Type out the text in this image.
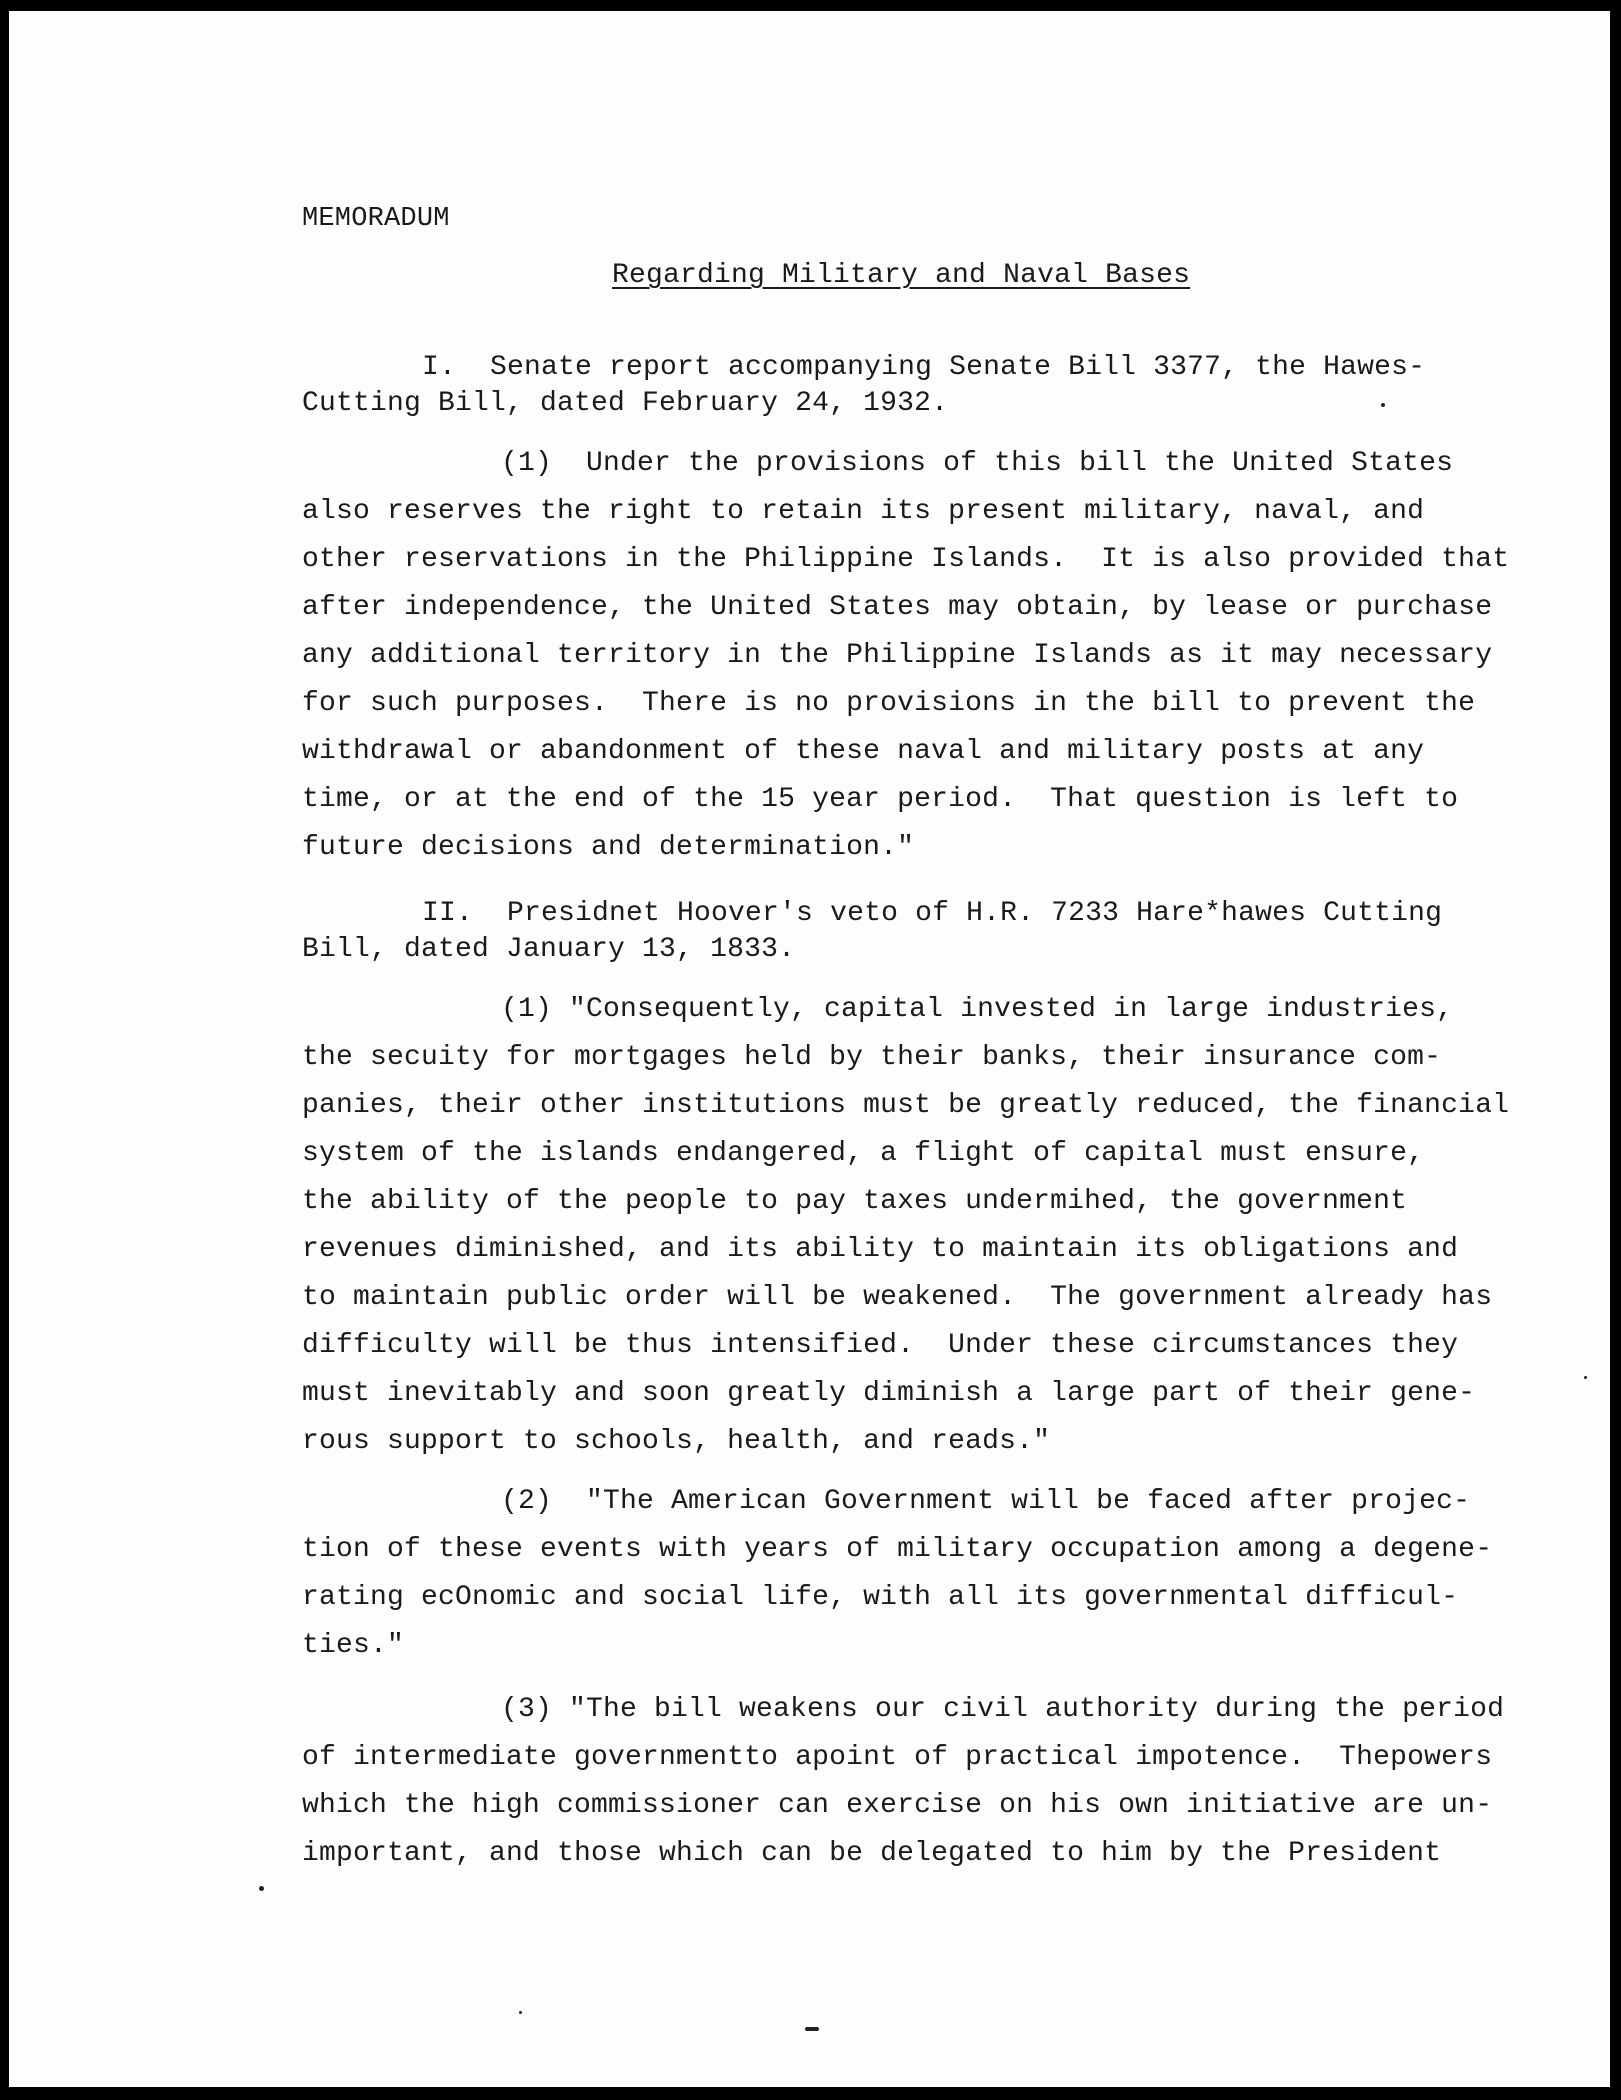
MEMORADUM
Regarding Military and Naval Bases
I.  Senate report accompanying Senate Bill 3377, the Hawes-
Cutting Bill, dated February 24, 1932.
(1)  Under the provisions of this bill the United States
also reserves the right to retain its present military, naval, and
other reservations in the Philippine Islands.  It is also provided that
after independence, the United States may obtain, by lease or purchase
any additional territory in the Philippine Islands as it may necessary
for such purposes.  There is no provisions in the bill to prevent the
withdrawal or abandonment of these naval and military posts at any
time, or at the end of the 15 year period.  That question is left to
future decisions and determination."
II.  Presidnet Hoover's veto of H.R. 7233 Hare*hawes Cutting
Bill, dated January 13, 1833.
(1) "Consequently, capital invested in large industries,
the secuity for mortgages held by their banks, their insurance com-
panies, their other institutions must be greatly reduced, the financial
system of the islands endangered, a flight of capital must ensure,
the ability of the people to pay taxes undermihed, the government
revenues diminished, and its ability to maintain its obligations and
to maintain public order will be weakened.  The government already has
difficulty will be thus intensified.  Under these circumstances they
must inevitably and soon greatly diminish a large part of their gene-
rous support to schools, health, and reads."
(2)  "The American Government will be faced after projec-
tion of these events with years of military occupation among a degene-
rating ecOnomic and social life, with all its governmental difficul-
ties."
(3) "The bill weakens our civil authority during the period
of intermediate governmentto apoint of practical impotence.  Thepowers
which the high commissioner can exercise on his own initiative are un-
important, and those which can be delegated to him by the President
